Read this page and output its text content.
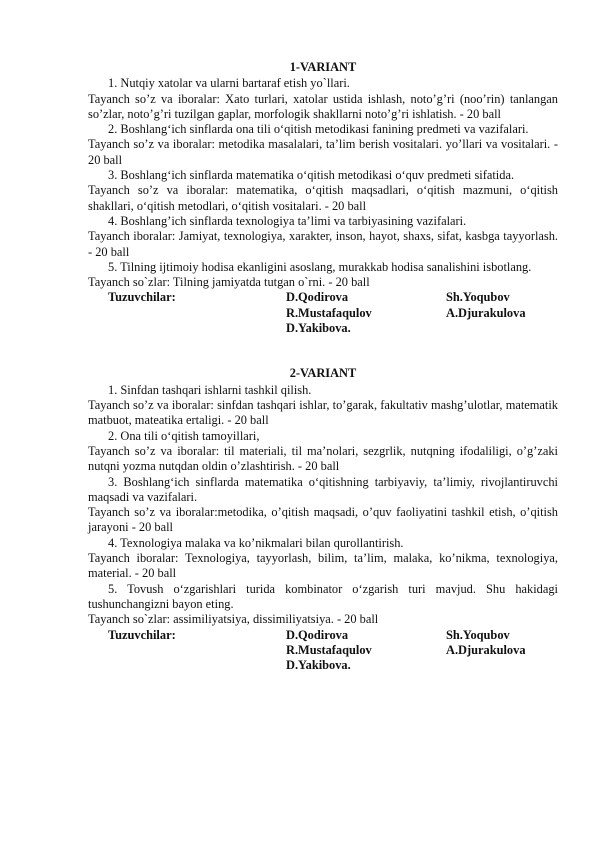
1-VARIANT

1. Nutqiy xatolar va ularni bartaraf etish yo`llari.

Tayanch so’z va iboralar: Xato turlari, xatolar ustida ishlash, noto’g’ri (noo’rin) tanlangan so’zlar, noto’g’ri tuzilgan gaplar, morfologik shakllarni noto’g’ri ishlatish. - 20 ball

2. Boshlang‘ich sinflarda ona tili o‘qitish metodikasi fanining predmeti va vazifalari.

Tayanch so’z va iboralar: metodika masalalari, ta’lim berish vositalari. yo’llari va vositalari. - 20 ball

3. Boshlang‘ich sinflarda matematika o‘qitish metodikasi o‘quv predmeti sifatida.

Tayanch so’z va iboralar: matematika, o‘qitish maqsadlari, o‘qitish mazmuni, o‘qitish shakllari, o‘qitish metodlari, o‘qitish vositalari. - 20 ball

4. Boshlang’ich sinflarda texnologiya ta’limi va tarbiyasining vazifalari.

Tayanch iboralar: Jamiyat, texnologiya, xarakter, inson, hayot, shaxs, sifat, kasbga tayyorlash. - 20 ball

5. Tilning ijtimoiy hodisa ekanligini asoslang, murakkab hodisa sanalishini isbotlang.

Tayanch so`zlar: Tilning jamiyatda tutgan o`rni. - 20 ball

Tuzuvchilar:	D.Qodirova
R.Mustafaqulov
D.Yakibova.
Sh.Yoqubov
A.Djurakulova

2-VARIANT

1. Sinfdan tashqari ishlarni tashkil qilish.

Tayanch so’z va iboralar: sinfdan tashqari ishlar, to’garak, fakultativ mashg’ulotlar, matematik matbuot, mateatika ertaligi. - 20 ball

2. Ona tili o‘qitish tamoyillari,

Tayanch so’z va iboralar: til materiali, til ma’nolari, sezgrlik, nutqning ifodaliligi, o’g’zaki nutqni yozma nutqdan oldin o’zlashtirish. - 20 ball

3. Boshlang‘ich sinflarda matematika o‘qitishning tarbiyaviy, ta’limiy, rivojlantiruvchi maqsadi va vazifalari.

Tayanch so’z va iboralar:metodika, o’qitish maqsadi, o’quv faoliyatini tashkil etish, o’qitish jarayoni - 20 ball

4. Texnologiya malaka va ko’nikmalari bilan qurollantirish.

Tayanch iboralar: Texnologiya, tayyorlash, bilim, ta’lim, malaka, ko’nikma, texnologiya, material. - 20 ball

5. Tovush o‘zgarishlari turida kombinator o‘zgarish turi mavjud. Shu hakidagi tushunchangizni bayon eting.

Tayanch so`zlar: assimiliyatsiya, dissimiliyatsiya. - 20 ball

Tuzuvchilar:	D.Qodirova
R.Mustafaqulov
D.Yakibova.
Sh.Yoqubov
A.Djurakulova
